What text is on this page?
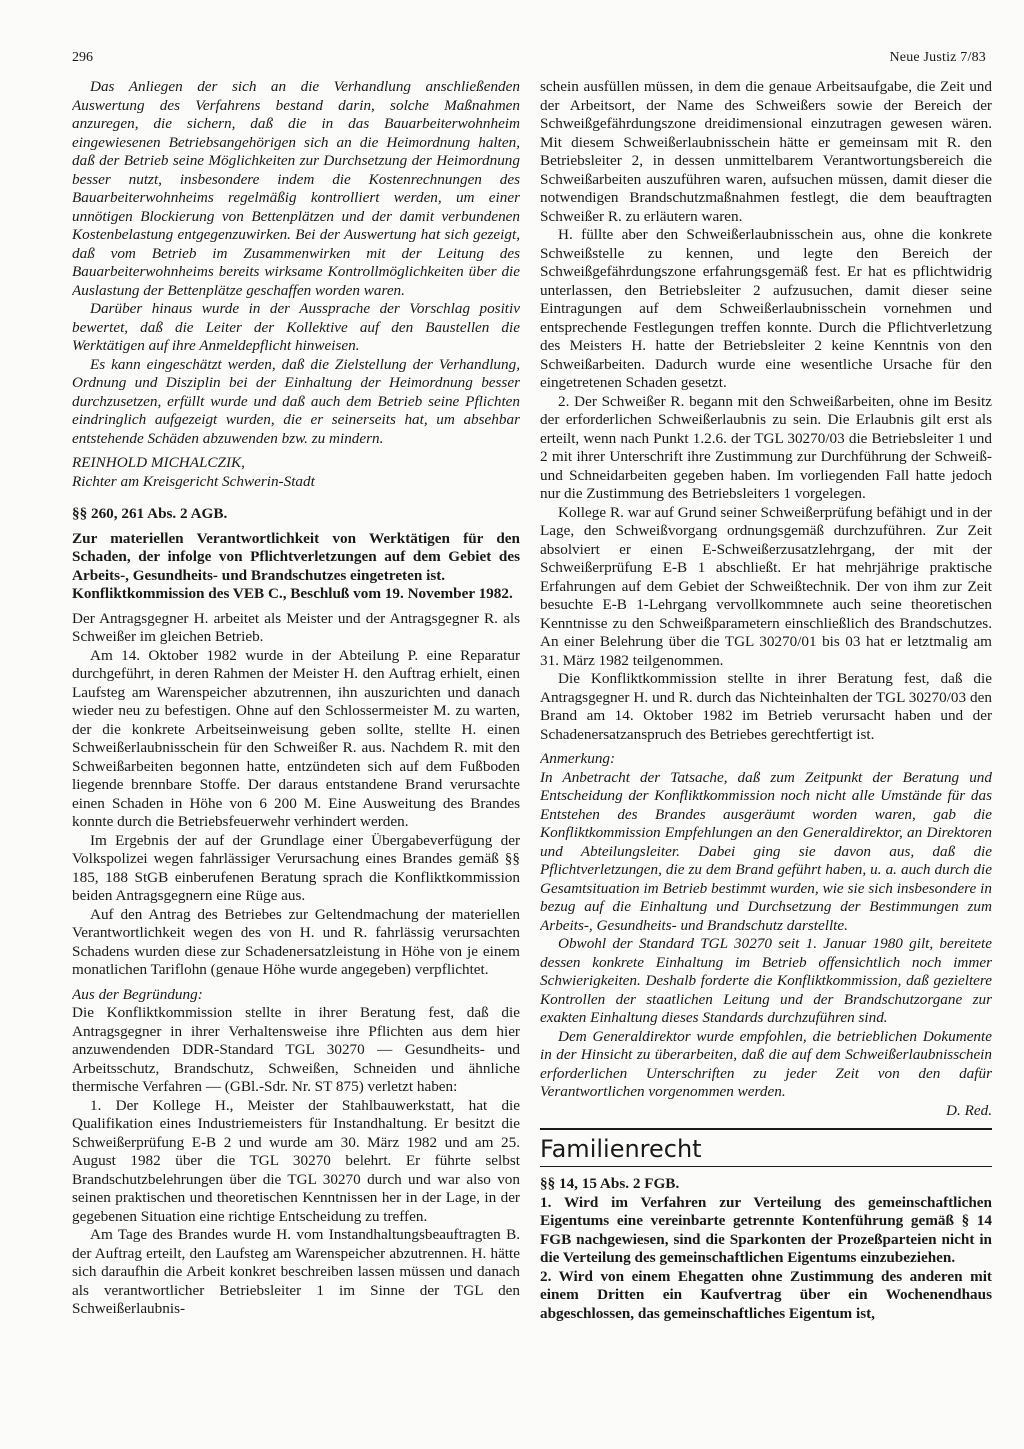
296	Neue Justiz 7/83

Das Anliegen der sich an die Verhandlung anschließenden Auswertung des Verfahrens bestand darin, solche Maßnahmen anzuregen, die sichern, daß die in das Bauarbeiterwohnheim eingewiesenen Betriebsangehörigen sich an die Heimordnung halten, daß der Betrieb seine Möglichkeiten zur Durchsetzung der Heimordnung besser nutzt, insbesondere indem die Kostenrechnungen des Bauarbeiterwohnheims regelmäßig kontrolliert werden, um einer unnötigen Blockierung von Bettenplätzen und der damit verbundenen Kostenbelastung entgegenzuwirken. Bei der Auswertung hat sich gezeigt, daß vom Betrieb im Zusammenwirken mit der Leitung des Bauarbeiterwohnheims bereits wirksame Kontrollmöglichkeiten über die Auslastung der Bettenplätze geschaffen worden waren.

Darüber hinaus wurde in der Aussprache der Vorschlag positiv bewertet, daß die Leiter der Kollektive auf den Baustellen die Werktätigen auf ihre Anmeldepflicht hinweisen.

Es kann eingeschätzt werden, daß die Zielstellung der Verhandlung, Ordnung und Disziplin bei der Einhaltung der Heimordnung besser durchzusetzen, erfüllt wurde und daß auch dem Betrieb seine Pflichten eindringlich aufgezeigt wurden, die er seinerseits hat, um absehbar entstehende Schäden abzuwenden bzw. zu mindern.

REINHOLD MICHALCZIK,

Richter am Kreisgericht Schwerin-Stadt

§§ 260, 261 Abs. 2 AGB.

Zur materiellen Verantwortlichkeit von Werktätigen für den Schaden, der infolge von Pflichtverletzungen auf dem Gebiet des Arbeits-, Gesundheits- und Brandschutzes eingetreten ist.

Konfliktkommission des VEB C., Beschluß vom 19. November 1982.

Der Antragsgegner H. arbeitet als Meister und der Antragsgegner R. als Schweißer im gleichen Betrieb.

Am 14. Oktober 1982 wurde in der Abteilung P. eine Reparatur durchgeführt, in deren Rahmen der Meister H. den Auftrag erhielt, einen Laufsteg am Warenspeicher abzutrennen, ihn auszurichten und danach wieder neu zu befestigen. Ohne auf den Schlossermeister M. zu warten, der die konkrete Arbeitseinweisung geben sollte, stellte H. einen Schweißerlaubnisschein für den Schweißer R. aus. Nachdem R. mit den Schweißarbeiten begonnen hatte, entzündeten sich auf dem Fußboden liegende brennbare Stoffe. Der daraus entstandene Brand verursachte einen Schaden in Höhe von 6 200 M. Eine Ausweitung des Brandes konnte durch die Betriebsfeuerwehr verhindert werden.

Im Ergebnis der auf der Grundlage einer Übergabeverfügung der Volkspolizei wegen fahrlässiger Verursachung eines Brandes gemäß §§ 185, 188 StGB einberufenen Beratung sprach die Konfliktkommission beiden Antragsgegnern eine Rüge aus.

Auf den Antrag des Betriebes zur Geltendmachung der materiellen Verantwortlichkeit wegen des von H. und R. fahrlässig verursachten Schadens wurden diese zur Schadenersatzleistung in Höhe von je einem monatlichen Tariflohn (genaue Höhe wurde angegeben) verpflichtet.

Aus der Begründung:

Die Konfliktkommission stellte in ihrer Beratung fest, daß die Antragsgegner in ihrer Verhaltensweise ihre Pflichten aus dem hier anzuwendenden DDR-Standard TGL 30270 — Gesundheits- und Arbeitsschutz, Brandschutz, Schweißen, Schneiden und ähnliche thermische Verfahren — (GBl.-Sdr. Nr. ST 875) verletzt haben:

1. Der Kollege H., Meister der Stahlbauwerkstatt, hat die Qualifikation eines Industriemeisters für Instandhaltung. Er besitzt die Schweißerprüfung E-B 2 und wurde am 30. März 1982 und am 25. August 1982 über die TGL 30270 belehrt. Er führte selbst Brandschutzbelehrungen über die TGL 30270 durch und war also von seinen praktischen und theoretischen Kenntnissen her in der Lage, in der gegebenen Situation eine richtige Entscheidung zu treffen.

Am Tage des Brandes wurde H. vom Instandhaltungsbeauftragten B. der Auftrag erteilt, den Laufsteg am Warenspeicher abzutrennen. H. hätte sich daraufhin die Arbeit konkret beschreiben lassen müssen und danach als verantwortlicher Betriebsleiter 1 im Sinne der TGL den Schweißerlaubnis-

schein ausfüllen müssen, in dem die genaue Arbeitsaufgabe, die Zeit und der Arbeitsort, der Name des Schweißers sowie der Bereich der Schweißgefährdungszone dreidimensional einzutragen gewesen wären. Mit diesem Schweißerlaubnisschein hätte er gemeinsam mit R. den Betriebsleiter 2, in dessen unmittelbarem Verantwortungsbereich die Schweißarbeiten auszuführen waren, aufsuchen müssen, damit dieser die notwendigen Brandschutzmaßnahmen festlegt, die dem beauftragten Schweißer R. zu erläutern waren.

H. füllte aber den Schweißerlaubnisschein aus, ohne die konkrete Schweißstelle zu kennen, und legte den Bereich der Schweißgefährdungszone erfahrungsgemäß fest. Er hat es pflichtwidrig unterlassen, den Betriebsleiter 2 aufzusuchen, damit dieser seine Eintragungen auf dem Schweißerlaubnisschein vornehmen und entsprechende Festlegungen treffen konnte. Durch die Pflichtverletzung des Meisters H. hatte der Betriebsleiter 2 keine Kenntnis von den Schweißarbeiten. Dadurch wurde eine wesentliche Ursache für den eingetretenen Schaden gesetzt.

2. Der Schweißer R. begann mit den Schweißarbeiten, ohne im Besitz der erforderlichen Schweißerlaubnis zu sein. Die Erlaubnis gilt erst als erteilt, wenn nach Punkt 1.2.6. der TGL 30270/03 die Betriebsleiter 1 und 2 mit ihrer Unterschrift ihre Zustimmung zur Durchführung der Schweiß- und Schneidarbeiten gegeben haben. Im vorliegenden Fall hatte jedoch nur die Zustimmung des Betriebsleiters 1 vorgelegen.

Kollege R. war auf Grund seiner Schweißerprüfung befähigt und in der Lage, den Schweißvorgang ordnungsgemäß durchzuführen. Zur Zeit absolviert er einen E-Schweißerzusatzlehrgang, der mit der Schweißerprüfung E-B 1 abschließt. Er hat mehrjährige praktische Erfahrungen auf dem Gebiet der Schweißtechnik. Der von ihm zur Zeit besuchte E-B 1-Lehrgang vervollkommnete auch seine theoretischen Kenntnisse zu den Schweißparametern einschließlich des Brandschutzes. An einer Belehrung über die TGL 30270/01 bis 03 hat er letztmalig am 31. März 1982 teilgenommen.

Die Konfliktkommission stellte in ihrer Beratung fest, daß die Antragsgegner H. und R. durch das Nichteinhalten der TGL 30270/03 den Brand am 14. Oktober 1982 im Betrieb verursacht haben und der Schadenersatzanspruch des Betriebes gerechtfertigt ist.

Anmerkung:

In Anbetracht der Tatsache, daß zum Zeitpunkt der Beratung und Entscheidung der Konfliktkommission noch nicht alle Umstände für das Entstehen des Brandes ausgeräumt worden waren, gab die Konfliktkommission Empfehlungen an den Generaldirektor, an Direktoren und Abteilungsleiter. Dabei ging sie davon aus, daß die Pflichtverletzungen, die zu dem Brand geführt haben, u. a. auch durch die Gesamtsituation im Betrieb bestimmt wurden, wie sie sich insbesondere in bezug auf die Einhaltung und Durchsetzung der Bestimmungen zum Arbeits-, Gesundheits- und Brandschutz darstellte.

Obwohl der Standard TGL 30270 seit 1. Januar 1980 gilt, bereitete dessen konkrete Einhaltung im Betrieb offensichtlich noch immer Schwierigkeiten. Deshalb forderte die Konfliktkommission, daß gezieltere Kontrollen der staatlichen Leitung und der Brandschutzorgane zur exakten Einhaltung dieses Standards durchzuführen sind.

Dem Generaldirektor wurde empfohlen, die betrieblichen Dokumente in der Hinsicht zu überarbeiten, daß die auf dem Schweißerlaubnisschein erforderlichen Unterschriften zu jeder Zeit von den dafür Verantwortlichen vorgenommen werden.

D. Red.

Familienrecht

§§ 14, 15 Abs. 2 FGB.

1. Wird im Verfahren zur Verteilung des gemeinschaftlichen Eigentums eine vereinbarte getrennte Kontenführung gemäß § 14 FGB nachgewiesen, sind die Sparkonten der Prozeßparteien nicht in die Verteilung des gemeinschaftlichen Eigentums einzubeziehen.

2. Wird von einem Ehegatten ohne Zustimmung des anderen mit einem Dritten ein Kaufvertrag über ein Wochenendhaus abgeschlossen, das gemeinschaftliches Eigentum ist,
